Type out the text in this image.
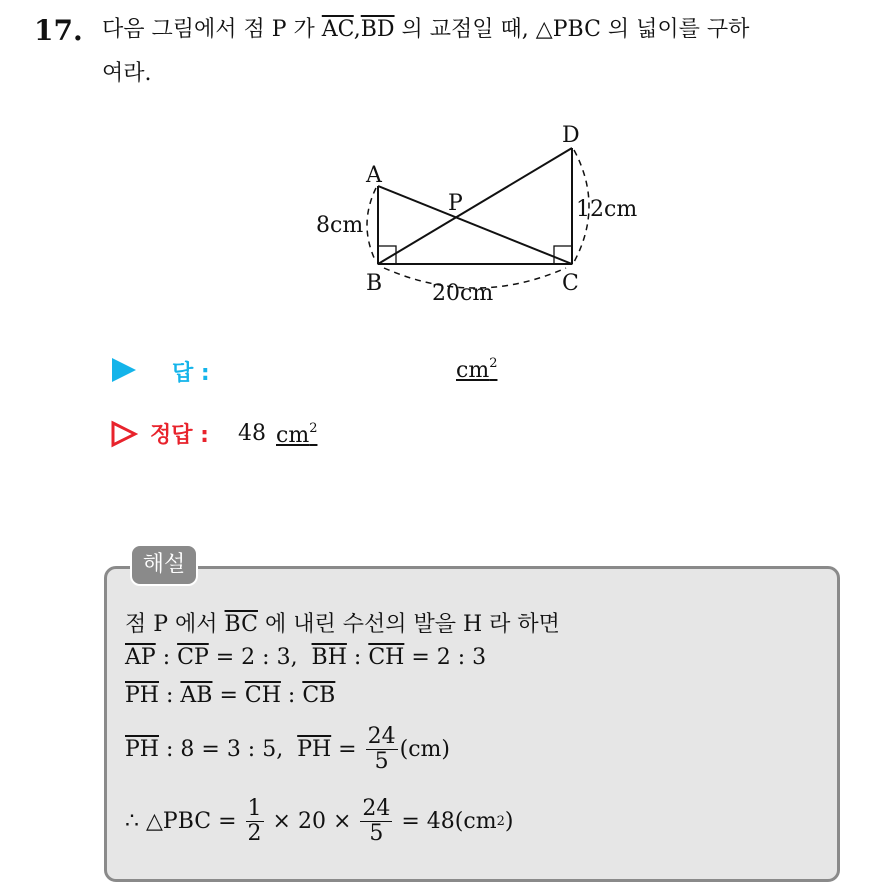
17. 다음 그림에서 점 P 가 $\overline{AC},\overline{BD}$ 의 교점일 때, △PBC 의 넓이를 구하
여라.
A
B	C
D
P
8cm
20cm
12cm
답 :	$cm^2$
정답 : 48 $cm^2$
점 P 에서 $\overline{BC}$ 에 내린 수선의 발을 H 라 하면
$\overline{AP}$ : $\overline{CP} = 2$ : 3,  $\overline{BH}$ : $\overline{CH} = 2$ : 3
$\overline{PH}$ : $\overline{AB} = \overline{CH}$ : $\overline{CB}$
$\overline{PH}$ : 8 = 3 : 5, $\overline{PH} = \frac{24}{5} (cm)$
∴ △PBC = $\frac{1}{2} \times 20 \times \frac{24}{5} = 48(cm$ 2 )
해설
